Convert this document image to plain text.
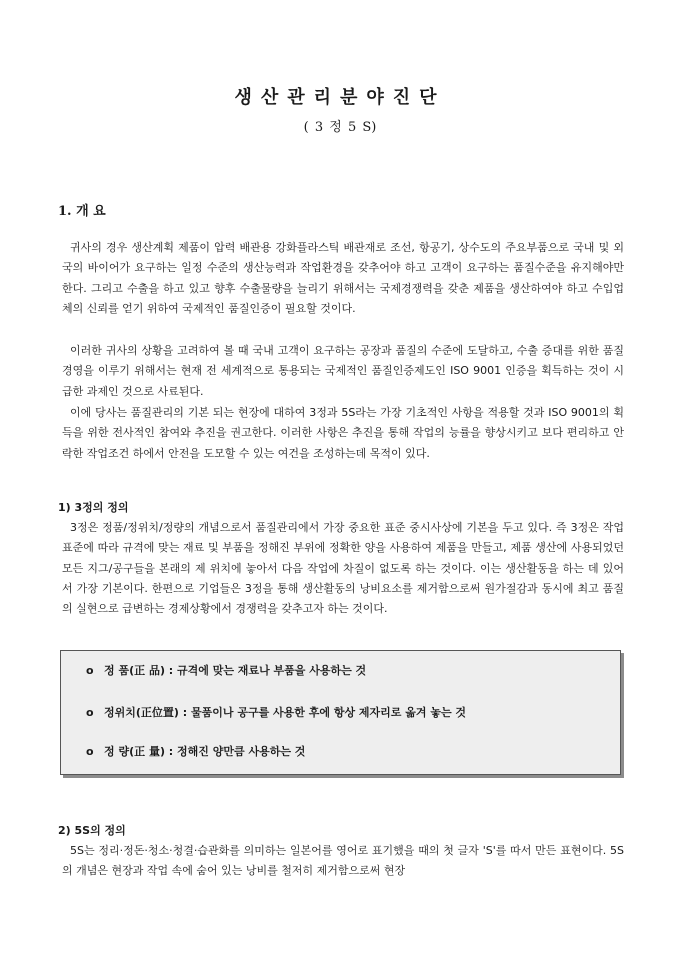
생산관리분야진단
( 3 정 5 S)
1. 개 요

귀사의 경우 생산계획 제품이 압력 배관용 강화플라스틱 배관재로 조선, 항공기, 상수도의 주요부품으로 국내 및 외국의 바이어가 요구하는 일정 수준의 생산능력과 작업환경을 갖추어야 하고 고객이 요구하는 품질수준을 유지해야만 한다. 그리고 수출을 하고 있고 향후 수출물량을 늘리기 위해서는 국제경쟁력을 갖춘 제품을 생산하여야 하고 수입업체의 신뢰를 얻기 위하여 국제적인 품질인증이 필요할 것이다.

이러한 귀사의 상황을 고려하여 볼 때 국내 고객이 요구하는 공장과 품질의 수준에 도달하고, 수출 증대를 위한 품질경영을 이루기 위해서는 현재 전 세계적으로 통용되는 국제적인 품질인증제도인 ISO 9001 인증을 획득하는 것이 시급한 과제인 것으로 사료된다.

이에 당사는 품질관리의 기본 되는 현장에 대하여 3정과 5S라는 가장 기초적인 사항을 적용할 것과 ISO 9001의 획득을 위한 전사적인 참여와 추진을 권고한다. 이러한 사항은 추진을 통해 작업의 능률을 향상시키고 보다 편리하고 안락한 작업조건 하에서 안전을 도모할 수 있는 여건을 조성하는데 목적이 있다.

1) 3정의 정의

3정은 정품/정위치/정량의 개념으로서 품질관리에서 가장 중요한 표준 중시사상에 기본을 두고 있다. 즉 3정은 작업 표준에 따라 규격에 맞는 재료 및 부품을 정해진 부위에 정확한 양을 사용하여 제품을 만들고, 제품 생산에 사용되었던 모든 지그/공구들을 본래의 제 위치에 놓아서 다음 작업에 차질이 없도록 하는 것이다. 이는 생산활동을 하는 데 있어서 가장 기본이다. 한편으로 기업들은 3정을 통해 생산활동의 낭비요소를 제거함으로써 원가절감과 동시에 최고 품질의 실현으로 급변하는 경제상황에서 경쟁력을 갖추고자 하는 것이다.

o 정 품(正 品) : 규격에 맞는 재료나 부품을 사용하는 것

o 정위치(正位置) : 물품이나 공구를 사용한 후에 항상 제자리로 옮겨 놓는 것

o 정 량(正 量) : 정해진 양만큼 사용하는 것

2) 5S의 정의

5S는 정리·정돈·청소·청결·습관화를 의미하는 일본어를 영어로 표기했을 때의 첫 글자 'S'를 따서 만든 표현이다. 5S의 개념은 현장과 작업 속에 숨어 있는 낭비를 철저히 제거함으로써 현장
